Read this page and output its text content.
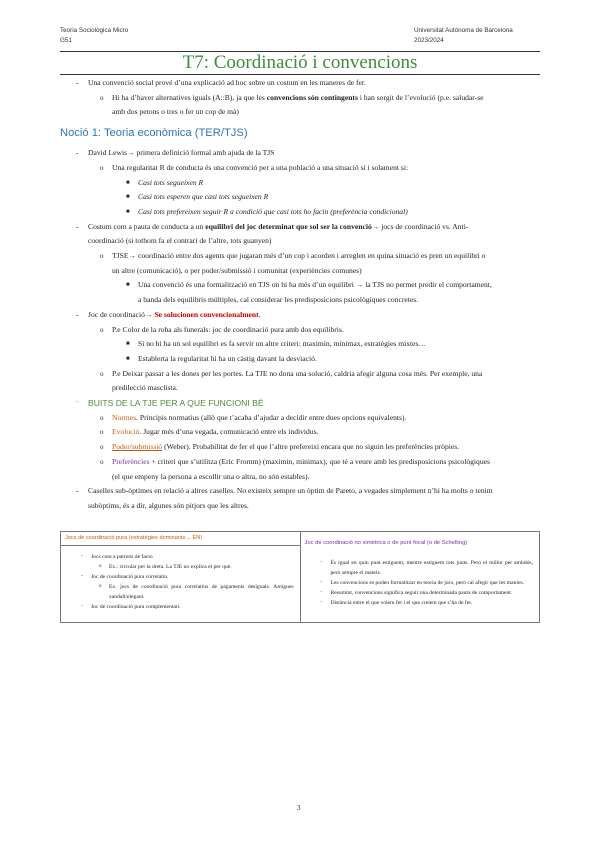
Teoria Sociològica Micro
G51
Universitat Autònoma de Barcelona
2023/2024
T7: Coordinació i convencions
- Una convenció social prové d’una explicació ad hoc sobre un costum en les maneres de fer.
o Hi ha d’haver alternatives iguals (A::B), ja que les convencions són contingents i han sorgit de l’evolució (p.e. saludar-se
amb dos petons o tres o fer un cop de mà)
Noció 1: Teoria econòmica (TER/TJS)
- David Lewis→ primera definició formal amb ajuda de la TJS
o Una regularitat R de conducta és una convenció per a una població a una situació sí i solament si:
■ Casi tots segueixen R
■ Casi tots esperen que casi tots segueixen R
■ Casi tots prefereixen seguir R a condició que casi tots ho facin (preferència condicional)
- Costum com a pauta de conducta a un equilibri del joc determinat que sol ser la convenció→ jocs de coordinació vs. Anti-
coordinació (si tothom fa el contrari de l’altre, tots guanyen)
o TJSE→ coordinació entre dos agents que jugaran més d’un cop i acorden i arreglen en quina situació es pren un equilibri o
un altre (comunicació), o per poder/submissió i comunitat (experiències comunes)
■ Una convenció és una formalització en TJS on hi ha més d’un equilibri → la TJS no permet predir el comportament,
a banda dels equilibris múltiples, cal considerar les predisposicions psicològiques concretes.
- Joc de coordinació→ Se solucionen convencionalment.
o P.e Color de la roba als funerals: joc de coordinació pura amb dos equilibris.
■ Si no hi ha un sol equilibri es fa servir un altre criteri: maximin, minimax, estratègies mixtes…
■ Establerta la regularitat hi ha un càstig davant la desviació.
o P.e Deixar passar a les dones per les portes. La TJE no dona una solució, caldria afegir alguna cosa més. Per exemple, una
predilecció masclista.
- BUITS DE LA TJE PER A QUE FUNCIONI BÉ
o Normes. Principis normatius (allò que t’acaba d’ajudar a decidir entre dues opcions equivalents).
o Evolució. Jugar més d’una vegada, comunicació entre els individus.
o Poder/submissió (Weber). Probabilitat de fer el que l’altre prefereixi encara que no siguin les preferències pròpies.
o Preferències + criteri que s’utilitza (Eric Fromm) (maximin, minimax), que té a veure amb les predisposicions psicològiques
(el que empeny la persona a escollir una o altra, no són estables).
- Caselles sub-òptimes en relació a altres caselles. No existeix sempre un òptim de Pareto, a vegades simplement n’hi ha molts o tenim
subòptims, és a dir, algunes són pitjors que les altres.
Jocs de coordinació pura (estratègies dominants→ EN)	
Joc de coordinació no simètrica o de punt focal (o de Schelling)
- És igual en quin punt estiguem, mentre estiguem tots junts. Pero el millor per ambdós, però sempre el mateix.
- Les convencions es poden formalitzar en teoria de jocs, però cal afegir que les manies.
- Resumint, convencions significa seguir una determinada pauta de comportament.
- Distància entre el que volem fer i el que creiem que s’ha de fer.

- Jocs com a patrons de facto
o Ex.: circular per la dreta. La TJE no explica el per què.
- Joc de coordinació pura correlatiu.
o Ex. jocs de coordinació pura correlatius de pagaments desiguals. Amigues xandall/elegant.
- Joc de coordinació pura complementari.
3
